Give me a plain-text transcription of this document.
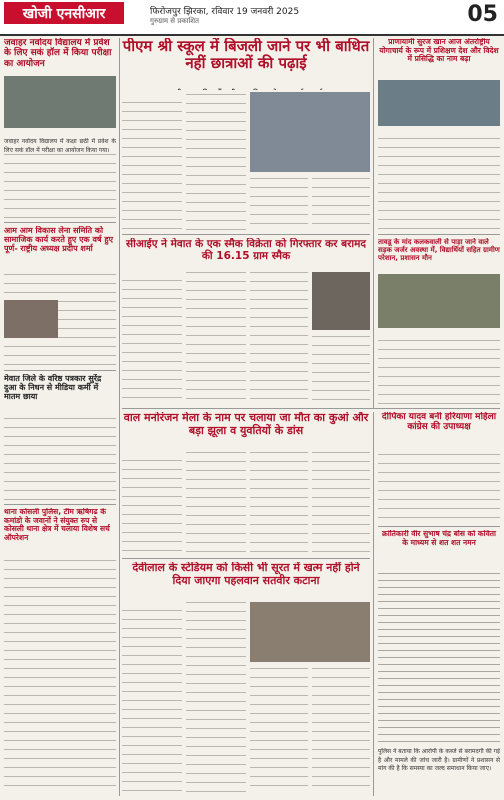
खोजी एनसीआर	फिरोजपुर झिरका, रविवार 19 जनवरी 2025
गुरुग्राम से प्रकाशित	05
जवाहर नवोदय विद्यालय में प्रवेश के लिए सकं हॉल में किया परीक्षा का आयोजन
जवाहर नवोदय विद्यालय में कक्षा छठी में प्रवेश के लिए सकं हॉल में परीक्षा का आयोजन किया गया।
आम आम विकास लेना समिति को सामाजिक कार्य करते हुए एक वर्ष हुए पूर्ण- राष्ट्रीय अध्यक्ष प्रदीप शर्मा
मेवात जिले के वरिष्ठ पत्रकार सुरेंद्र दुआ के निधन से मीडिया कर्मी में मातम छाया
थाना कोसली पुलिस, टीम ऋषिगढ के कमांडो के जवानों ने संयुक्त रुप से कोसली थाना क्षेत्र में चलाया विशेष सर्च ऑपरेशन
पीएम श्री स्कूल में बिजली जाने पर भी बाधित नहीं छात्राओं की पढ़ाई
सीआईए ने मेवात के एक स्मैक विक्रेता को गिरफ्तार कर बरामद की 16.15 ग्राम स्मैक
वाल मनोरंजन मेला के नाम पर चलाया जा मौत का कुआं और बड़ा झूला व युवतियों के डांस
देवीलाल के स्टेडियम को किसी भी सूरत में खत्म नहीं होने दिया जाएगा पहलवान सतवीर कटाना
प्राणायामी सुरज खान आज अंतर्राष्ट्रीय योगाचार्य के रूप में प्रशिक्षण देश और विदेश में प्रसिद्धि का नाम बढ़ा
तावडू के मांद कलकवाली से पाड़ा जाने वाले सड़क जर्जर अवस्था में, विद्यार्थियों सहित ग्रामीण परेशान, प्रशासन मौन
दीपिका यादव बनी हरियाणा महिला कांग्रेस की उपाध्यक्ष
क्रांतिकारी वीर सुभाष चंद्र बोस को कविता के माध्यम से शत शत नमन
पुलिस ने बताया कि आरोपी के कब्जे से बरामदगी की गई है और मामले की जांच जारी है। ग्रामीणों ने प्रशासन से मांग की है कि समस्या का जल्द समाधान किया जाए।
